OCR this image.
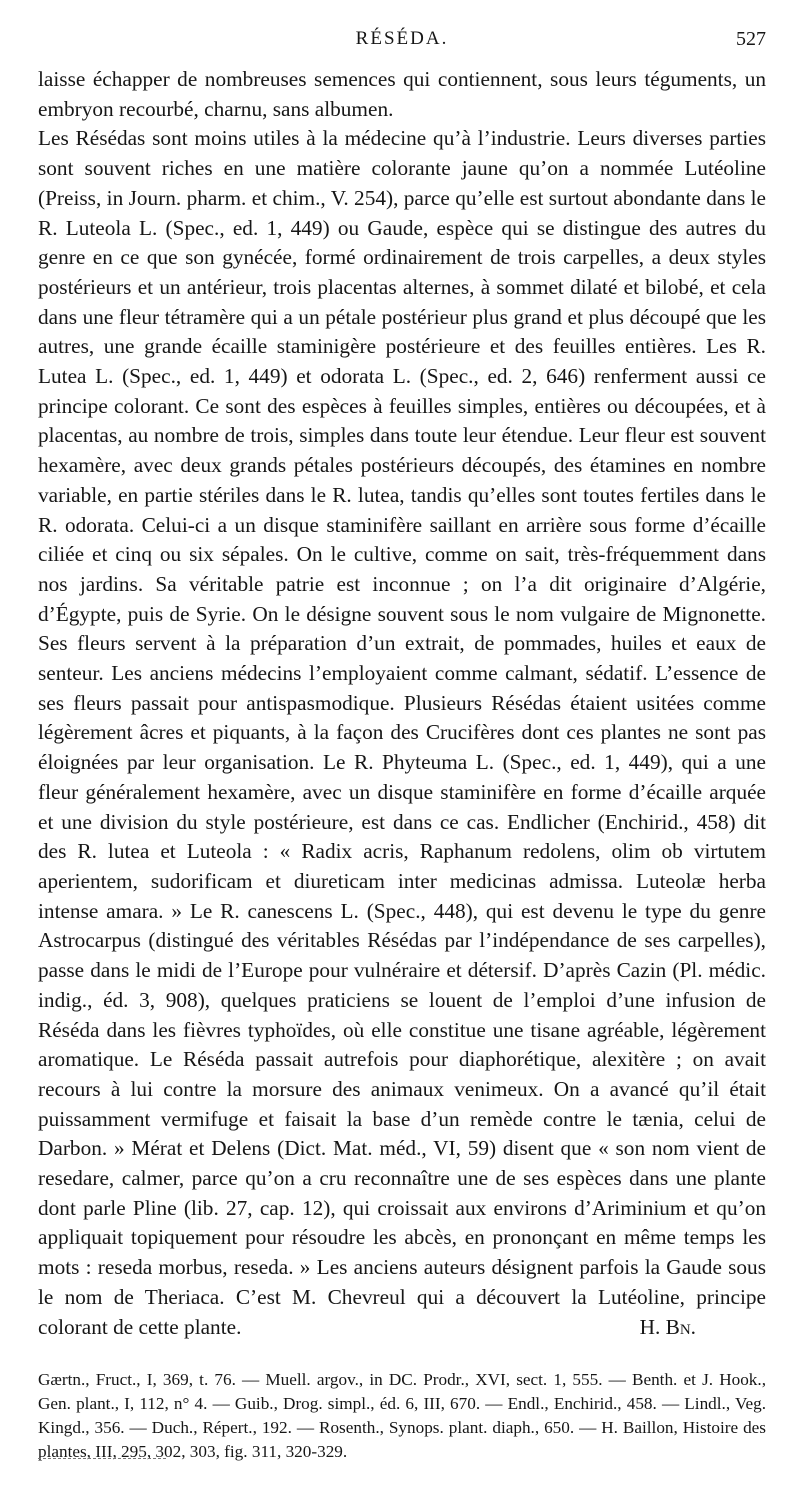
RÉSÉDA.	527

laisse échapper de nombreuses semences qui contiennent, sous leurs téguments, un embryon recourbé, charnu, sans albumen.

Les Résédas sont moins utiles à la médecine qu’à l’industrie. Leurs diverses parties sont souvent riches en une matière colorante jaune qu’on a nommée Lutéoline (Preiss, in Journ. pharm. et chim., V. 254), parce qu’elle est surtout abondante dans le R. Luteola L. (Spec., ed. 1, 449) ou Gaude, espèce qui se distingue des autres du genre en ce que son gynécée, formé ordinairement de trois carpelles, a deux styles postérieurs et un antérieur, trois placentas alternes, à sommet dilaté et bilobé, et cela dans une fleur tétramère qui a un pétale postérieur plus grand et plus découpé que les autres, une grande écaille staminigère postérieure et des feuilles entières. Les R. Lutea L. (Spec., ed. 1, 449) et odorata L. (Spec., ed. 2, 646) renferment aussi ce principe colorant. Ce sont des espèces à feuilles simples, entières ou découpées, et à placentas, au nombre de trois, simples dans toute leur étendue. Leur fleur est souvent hexamère, avec deux grands pétales postérieurs découpés, des étamines en nombre variable, en partie stériles dans le R. lutea, tandis qu’elles sont toutes fertiles dans le R. odorata. Celui-ci a un disque staminifère saillant en arrière sous forme d’écaille ciliée et cinq ou six sépales. On le cultive, comme on sait, très-fréquemment dans nos jardins. Sa véritable patrie est inconnue ; on l’a dit originaire d’Algérie, d’Égypte, puis de Syrie. On le désigne souvent sous le nom vulgaire de Mignonette. Ses fleurs servent à la préparation d’un extrait, de pommades, huiles et eaux de senteur. Les anciens médecins l’employaient comme calmant, sédatif. L’essence de ses fleurs passait pour antispasmodique. Plusieurs Résédas étaient usitées comme légèrement âcres et piquants, à la façon des Crucifères dont ces plantes ne sont pas éloignées par leur organisation. Le R. Phyteuma L. (Spec., ed. 1, 449), qui a une fleur généralement hexamère, avec un disque staminifère en forme d’écaille arquée et une division du style postérieure, est dans ce cas. Endlicher (Enchirid., 458) dit des R. lutea et Luteola : « Radix acris, Raphanum redolens, olim ob virtutem aperientem, sudorificam et diureticam inter medicinas admissa. Luteolæ herba intense amara. » Le R. canescens L. (Spec., 448), qui est devenu le type du genre Astrocarpus (distingué des véritables Résédas par l’indépendance de ses carpelles), passe dans le midi de l’Europe pour vulnéraire et détersif. D’après Cazin (Pl. médic. indig., éd. 3, 908), quelques praticiens se louent de l’emploi d’une infusion de Réséda dans les fièvres typhoïdes, où elle constitue une tisane agréable, légèrement aromatique. Le Réséda passait autrefois pour diaphorétique, alexitère ; on avait recours à lui contre la morsure des animaux venimeux. On a avancé qu’il était puissamment vermifuge et faisait la base d’un remède contre le tænia, celui de Darbon. » Mérat et Delens (Dict. Mat. méd., VI, 59) disent que « son nom vient de resedare, calmer, parce qu’on a cru reconnaître une de ses espèces dans une plante dont parle Pline (lib. 27, cap. 12), qui croissait aux environs d’Ariminium et qu’on appliquait topiquement pour résoudre les abcès, en prononçant en même temps les mots : reseda morbus, reseda. » Les anciens auteurs désignent parfois la Gaude sous le nom de Theriaca. C’est M. Chevreul qui a découvert la Lutéoline, principe colorant de cette plante.	H. Bn.
Gærtn., Fruct., I, 369, t. 76. — Muell. argov., in DC. Prodr., XVI, sect. 1, 555. — Benth. et J. Hook., Gen. plant., I, 112, n° 4. — Guib., Drog. simpl., éd. 6, III, 670. — Endl., Enchirid., 458. — Lindl., Veg. Kingd., 356. — Duch., Répert., 192. — Rosenth., Synops. plant. diaph., 650. — H. Baillon, Histoire des plantes, III, 295, 302, 303, fig. 311, 320-329.
